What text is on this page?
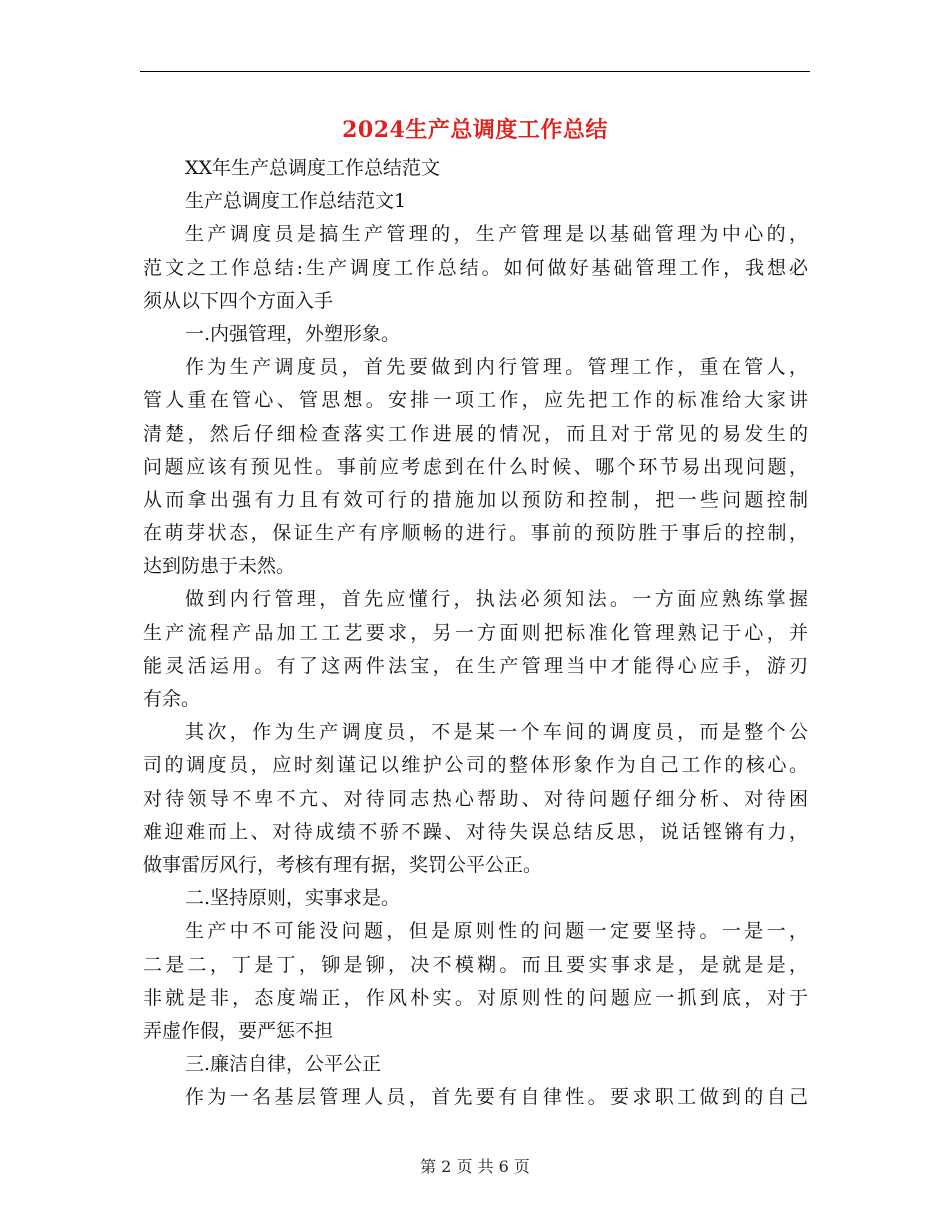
2024生产总调度工作总结
XX年生产总调度工作总结范文
生产总调度工作总结范文1
生产调度员是搞生产管理的，生产管理是以基础管理为中心的，
范文之工作总结:生产调度工作总结。如何做好基础管理工作，我想必
须从以下四个方面入手
一.内强管理，外塑形象。
作为生产调度员，首先要做到内行管理。管理工作，重在管人，
管人重在管心、管思想。安排一项工作，应先把工作的标准给大家讲
清楚，然后仔细检查落实工作进展的情况，而且对于常见的易发生的
问题应该有预见性。事前应考虑到在什么时候、哪个环节易出现问题，
从而拿出强有力且有效可行的措施加以预防和控制，把一些问题控制
在萌芽状态，保证生产有序顺畅的进行。事前的预防胜于事后的控制，
达到防患于未然。
做到内行管理，首先应懂行，执法必须知法。一方面应熟练掌握
生产流程产品加工工艺要求，另一方面则把标准化管理熟记于心，并
能灵活运用。有了这两件法宝，在生产管理当中才能得心应手，游刃
有余。
其次，作为生产调度员，不是某一个车间的调度员，而是整个公
司的调度员，应时刻谨记以维护公司的整体形象作为自己工作的核心。
对待领导不卑不亢、对待同志热心帮助、对待问题仔细分析、对待困
难迎难而上、对待成绩不骄不躁、对待失误总结反思，说话铿锵有力，
做事雷厉风行，考核有理有据，奖罚公平公正。
二.坚持原则，实事求是。
生产中不可能没问题，但是原则性的问题一定要坚持。一是一，
二是二，丁是丁，铆是铆，决不模糊。而且要实事求是，是就是是，
非就是非，态度端正，作风朴实。对原则性的问题应一抓到底，对于
弄虚作假，要严惩不担
三.廉洁自律，公平公正
作为一名基层管理人员，首先要有自律性。要求职工做到的自己
第 2 页 共 6 页
